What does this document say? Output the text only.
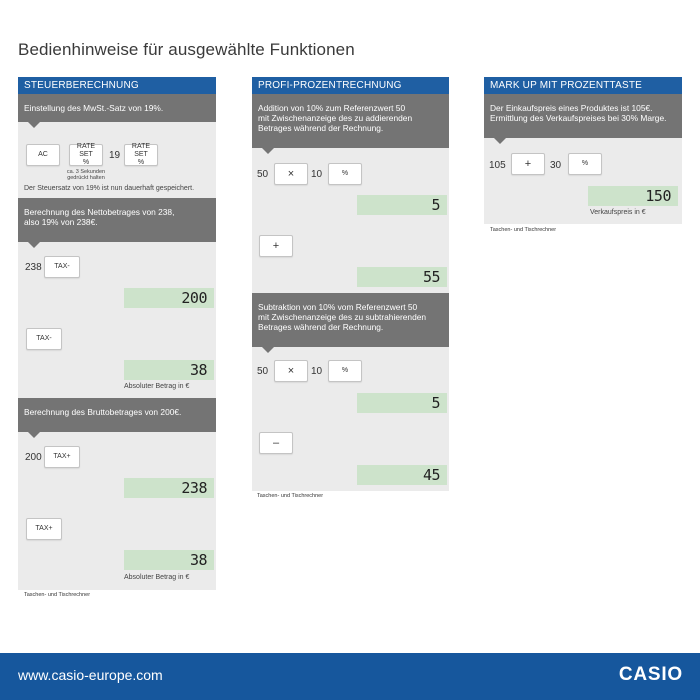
Bedienhinweise für ausgewählte Funktionen
STEUERBERECHNUNG
Einstellung des MwSt.-Satz von 19%.
AC
RATE SET
%
ca. 3 Sekunden
gedrückt halten
19
RATE SET
%
Der Steuersatz von 19% ist nun dauerhaft gespeichert.
Berechnung des Nettobetrages von 238,
also 19% von 238€.
238	TAX-
200
TAX-
38
Absoluter Betrag in €
Berechnung des Bruttobetrages von 200€.
200	TAX+
238
TAX+
38
Absoluter Betrag in €
Taschen- und Tischrechner
PROFI-PROZENTRECHNUNG
Addition von 10% zum Referenzwert 50
mit Zwischenanzeige des zu addierenden
Betrages während der Rechnung.
50	×	10	%
5
+
55
Subtraktion von 10% vom Referenzwert 50
mit Zwischenanzeige des zu subtrahierenden
Betrages während der Rechnung.
50	×	10	%
5
–
45
Taschen- und Tischrechner
MARK UP MIT PROZENTTASTE
Der Einkaufspreis eines Produktes ist 105€.
Ermittlung des Verkaufspreises bei 30% Marge.
105	+	30	%
150
Verkaufspreis in €
Taschen- und Tischrechner
www.casio-europe.com	CASIO
